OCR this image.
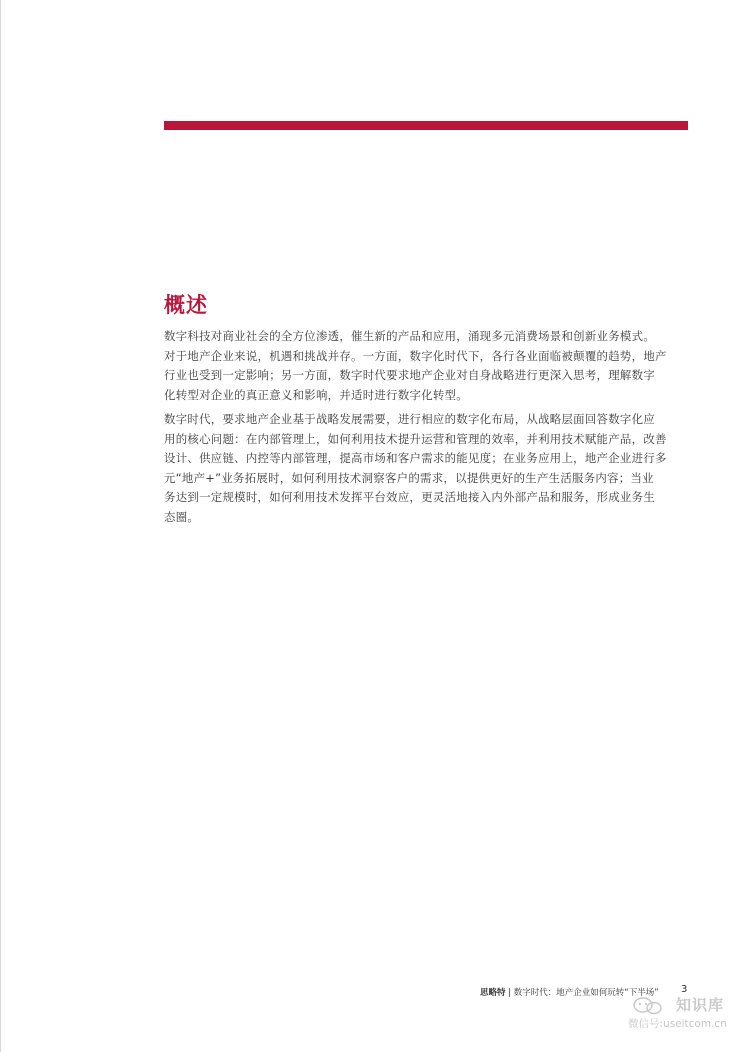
概述

数字科技对商业社会的全方位渗透，催生新的产品和应用，涌现多元消费场景和创新业务模式。
对于地产企业来说，机遇和挑战并存。一方面，数字化时代下，各行各业面临被颠覆的趋势，地产
行业也受到一定影响；另一方面，数字时代要求地产企业对自身战略进行更深入思考，理解数字
化转型对企业的真正意义和影响，并适时进行数字化转型。

数字时代，要求地产企业基于战略发展需要，进行相应的数字化布局，从战略层面回答数字化应
用的核心问题：在内部管理上，如何利用技术提升运营和管理的效率，并利用技术赋能产品，改善
设计、供应链、内控等内部管理，提高市场和客户需求的能见度；在业务应用上，地产企业进行多
元“地产+”业务拓展时，如何利用技术洞察客户的需求，以提供更好的生产生活服务内容；当业
务达到一定规模时，如何利用技术发挥平台效应，更灵活地接入内外部产品和服务，形成业务生
态圈。

思略特 | 数字时代：地产企业如何玩转“下半场” 3
知识库
微信号:useitcom.cn
